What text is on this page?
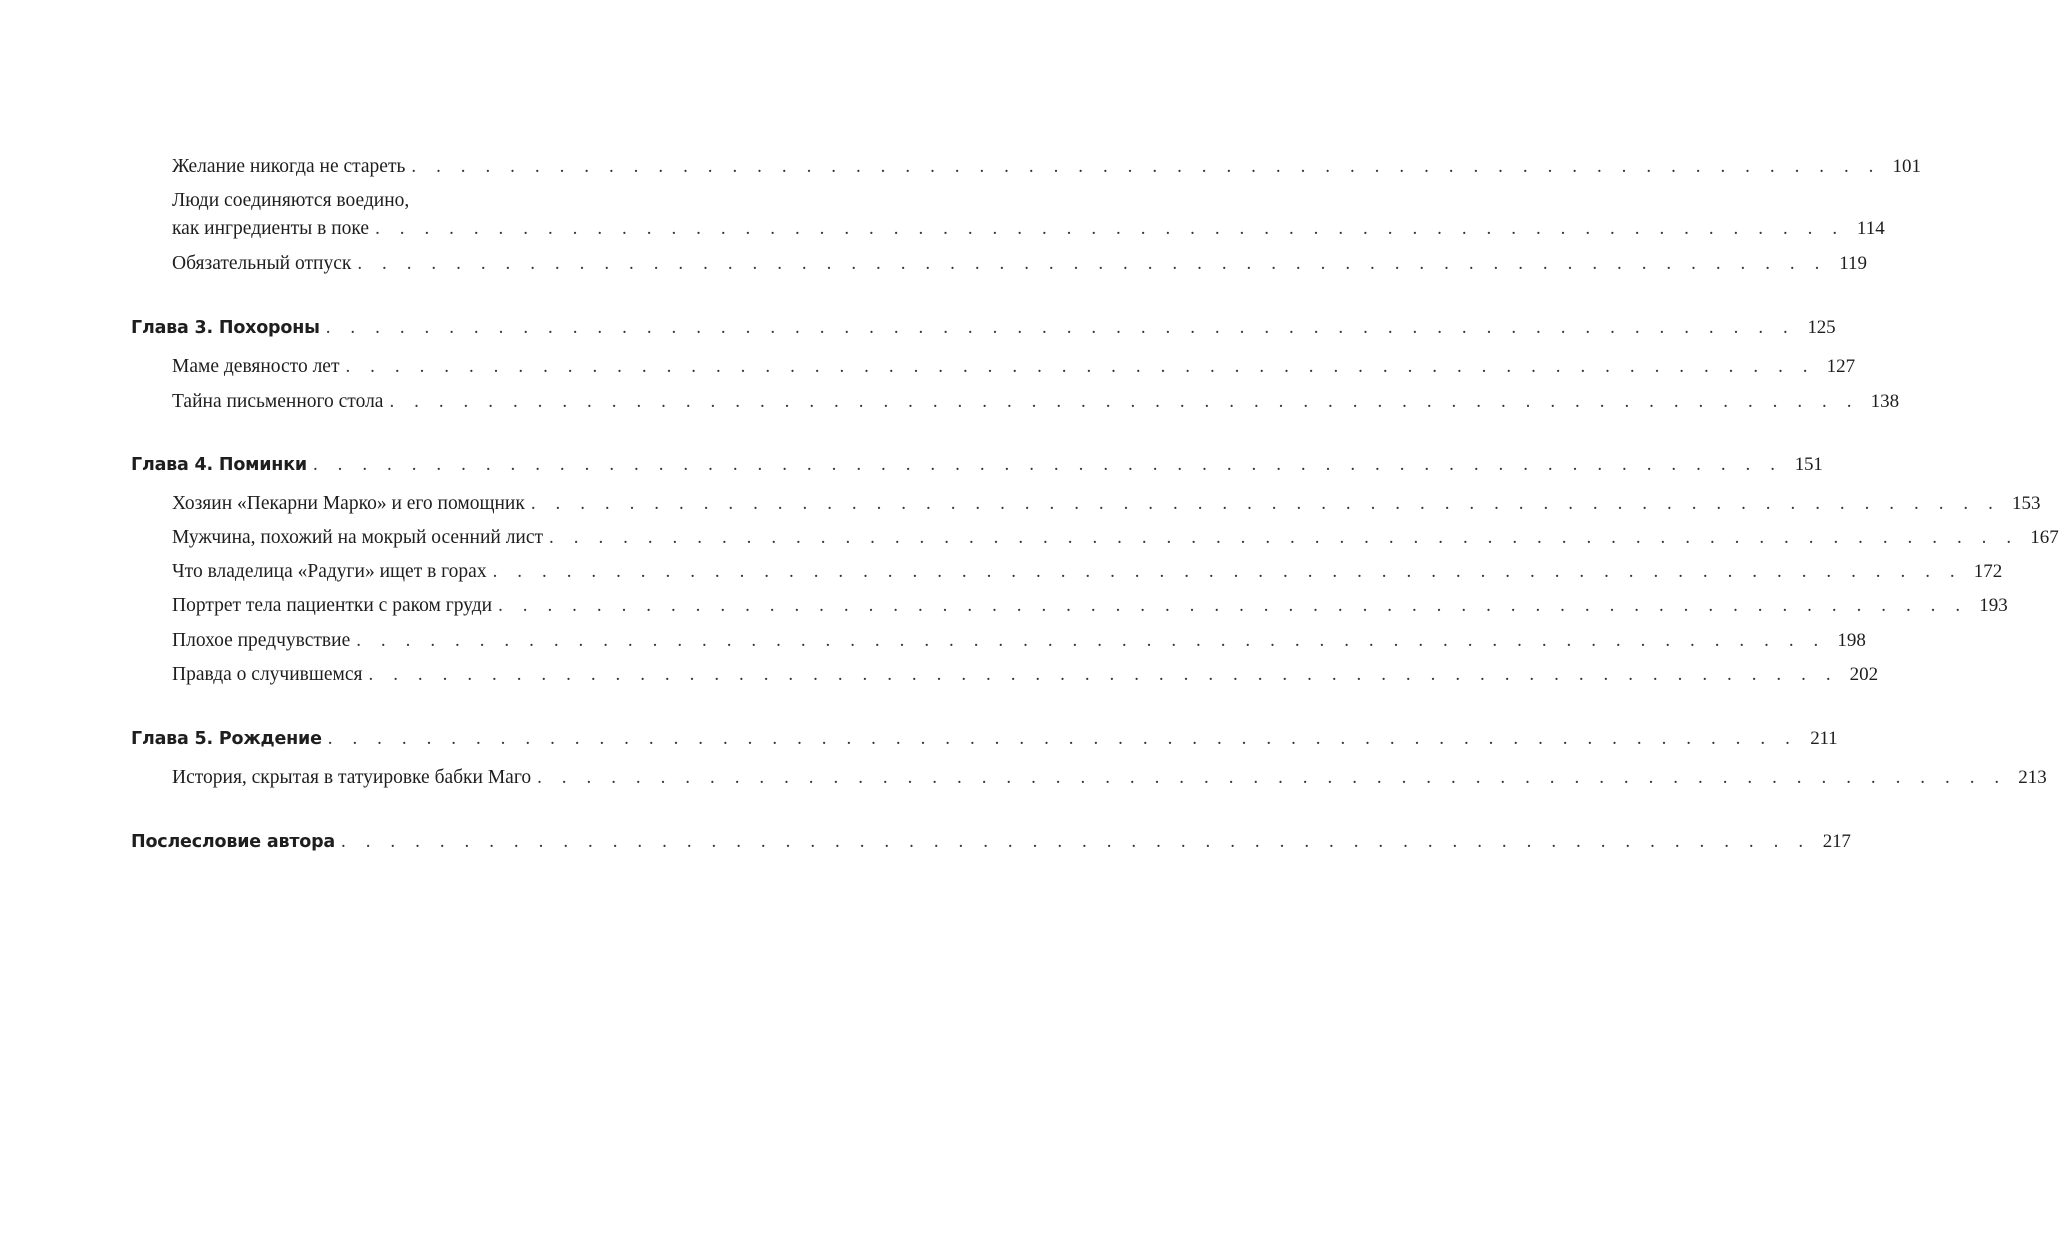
Желание никогда не стареть . . . . . . . . . . . . . . . . . . . . . . . . . . . . . . . . . . . . . . . . . . . . . . . . . . . . . . . . . . . . 101
Люди соединяются воедино,
как ингредиенты в поке . . . . . . . . . . . . . . . . . . . . . . . . . . . . . . . . . . . . . . . . . . . . . . . . . . . . . . . . . . . . 114
Обязательный отпуск . . . . . . . . . . . . . . . . . . . . . . . . . . . . . . . . . . . . . . . . . . . . . . . . . . . . . . . . . . . . 119
Глава 3. Похороны . . . . . . . . . . . . . . . . . . . . . . . . . . . . . . . . . . . . . . . . . . . . . . . . . . . . . . . . . . . . 125
Маме девяносто лет . . . . . . . . . . . . . . . . . . . . . . . . . . . . . . . . . . . . . . . . . . . . . . . . . . . . . . . . . . . . 127
Тайна письменного стола . . . . . . . . . . . . . . . . . . . . . . . . . . . . . . . . . . . . . . . . . . . . . . . . . . . . . . . . . . . . 138
Глава 4. Поминки . . . . . . . . . . . . . . . . . . . . . . . . . . . . . . . . . . . . . . . . . . . . . . . . . . . . . . . . . . . . 151
Хозяин «Пекарни Марко» и его помощник . . . . . . . . . . . . . . . . . . . . . . . . . . . . . . . . . . . . . . . . . . . . . . . . . . . . . . . . . . . . 153
Мужчина, похожий на мокрый осенний лист . . . . . . . . . . . . . . . . . . . . . . . . . . . . . . . . . . . . . . . . . . . . . . . . . . . . . . . . . . . . 167
Что владелица «Радуги» ищет в горах . . . . . . . . . . . . . . . . . . . . . . . . . . . . . . . . . . . . . . . . . . . . . . . . . . . . . . . . . . . . 172
Портрет тела пациентки с раком груди . . . . . . . . . . . . . . . . . . . . . . . . . . . . . . . . . . . . . . . . . . . . . . . . . . . . . . . . . . . . 193
Плохое предчувствие . . . . . . . . . . . . . . . . . . . . . . . . . . . . . . . . . . . . . . . . . . . . . . . . . . . . . . . . . . . . 198
Правда о случившемся . . . . . . . . . . . . . . . . . . . . . . . . . . . . . . . . . . . . . . . . . . . . . . . . . . . . . . . . . . . . 202
Глава 5. Рождение . . . . . . . . . . . . . . . . . . . . . . . . . . . . . . . . . . . . . . . . . . . . . . . . . . . . . . . . . . . . 211
История, скрытая в татуировке бабки Маго . . . . . . . . . . . . . . . . . . . . . . . . . . . . . . . . . . . . . . . . . . . . . . . . . . . . . . . . . . . . 213
Послесловие автора . . . . . . . . . . . . . . . . . . . . . . . . . . . . . . . . . . . . . . . . . . . . . . . . . . . . . . . . . . . . 217
